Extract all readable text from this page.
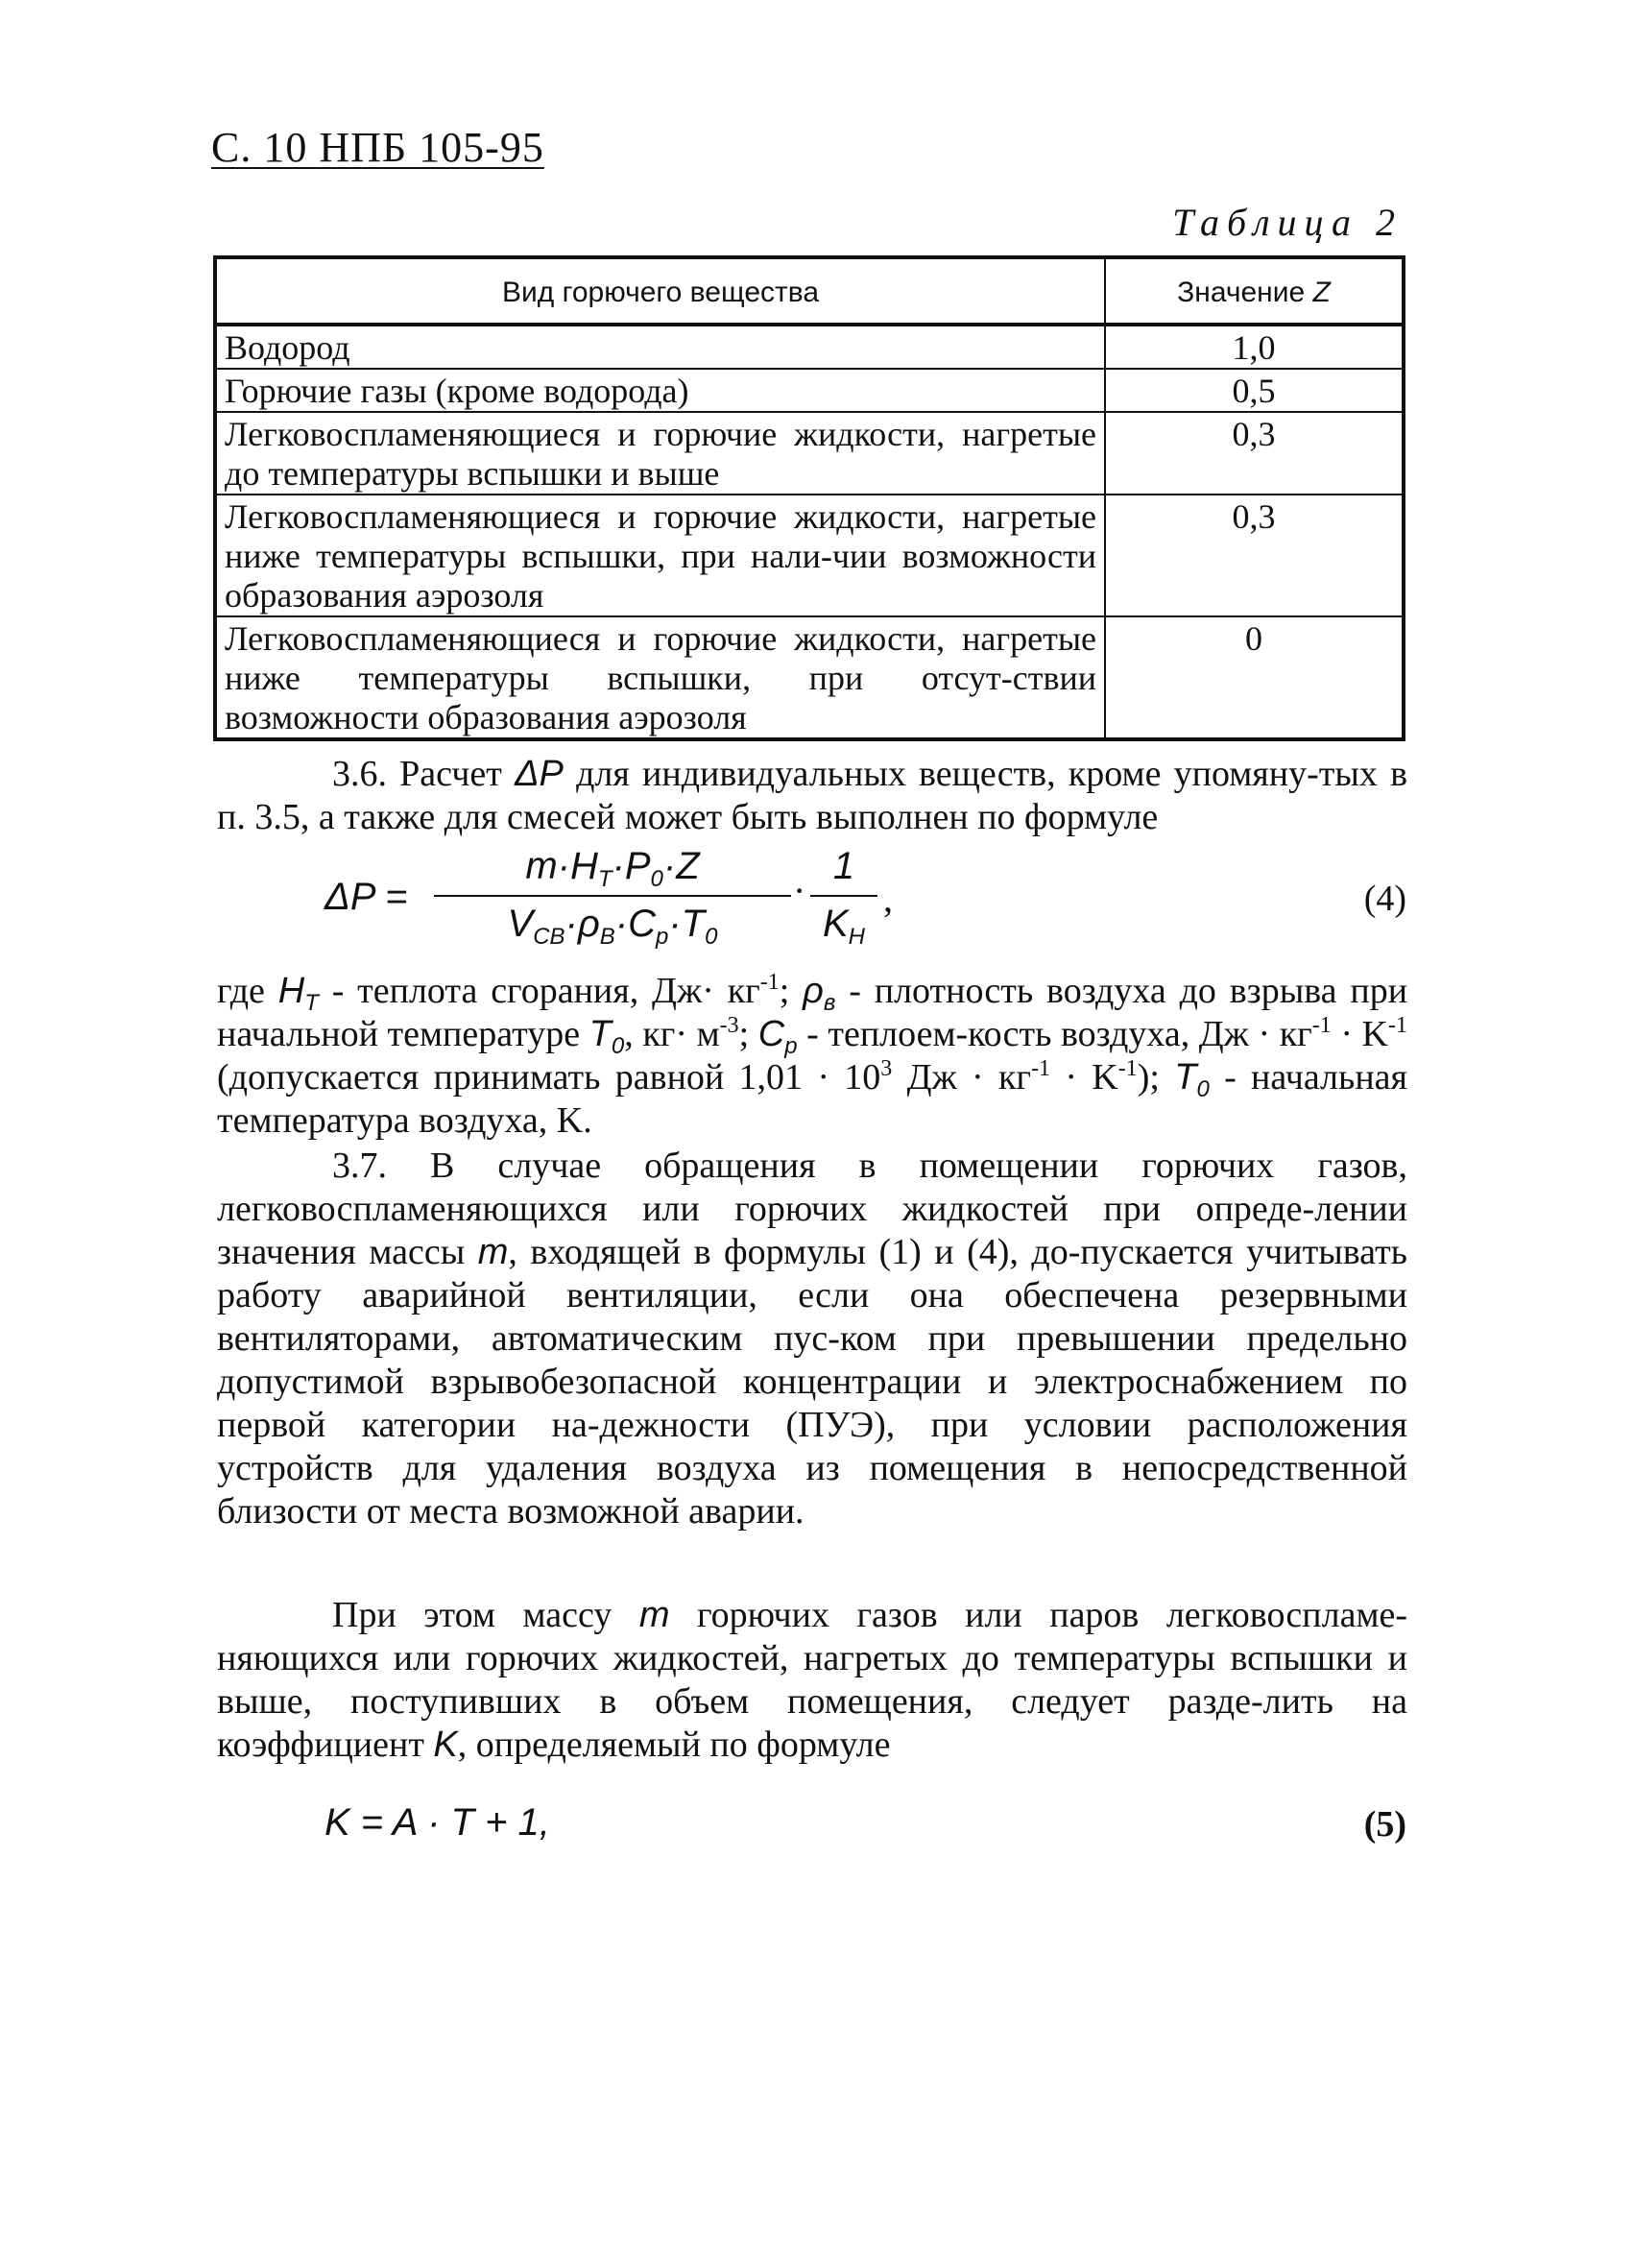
С. 10 НПБ 105-95
Таблица 2
Вид горючего вещества	Значение Z
Водород	1,0
Горючие газы (кроме водорода)	0,5
Легковоспламеняющиеся и горючие жидкости, нагретые до температуры вспышки и выше	0,3
Легковоспламеняющиеся и горючие жидкости, нагретые ниже температуры вспышки, при нали-чии возможности образования аэрозоля	0,3
Легковоспламеняющиеся и горючие жидкости, нагретые ниже температуры вспышки, при отсут-ствии возможности образования аэрозоля	0
3.6. Расчет ΔP для индивидуальных веществ, кроме упомяну-тых в п. 3.5, а также для смесей может быть выполнен по формуле
ΔP =
$m\cdot H_T\cdot P_0\cdot Z$
$V_{СВ}\cdot\rho_В\cdot C_p\cdot T_0$
·
1
$K_Н$
,	(4)
где $H_T$ - теплота сгорания, $Дж\cdot кг^{-1}$; $\rho_в$ - плотность воздуха до взрыва при начальной температуре $T_0$, $кг\cdot м^{-3}$; $C_p$ - теплоем-кость воздуха, Дж · $кг^{-1} \cdot K^{-1}$ (допускается принимать равной $1,01 \cdot 10^3$ Дж · $кг^{-1} \cdot K^{-1}$); $T_0$ - начальная температура воздуха, K.
3.7. В случае обращения в помещении горючих газов, легковоспламеняющихся или горючих жидкостей при опреде-лении значения массы m, входящей в формулы (1) и (4), до-пускается учитывать работу аварийной вентиляции, если она обеспечена резервными вентиляторами, автоматическим пус-ком при превышении предельно допустимой взрывобезопасной концентрации и электроснабжением по первой категории на-дежности (ПУЭ), при условии расположения устройств для удаления воздуха из помещения в непосредственной близости от места возможной аварии.
При этом массу m горючих газов или паров легковоспламе-няющихся или горючих жидкостей, нагретых до температуры вспышки и выше, поступивших в объем помещения, следует разде-лить на коэффициент K, определяемый по формуле
K = A · T + 1,	(5)
